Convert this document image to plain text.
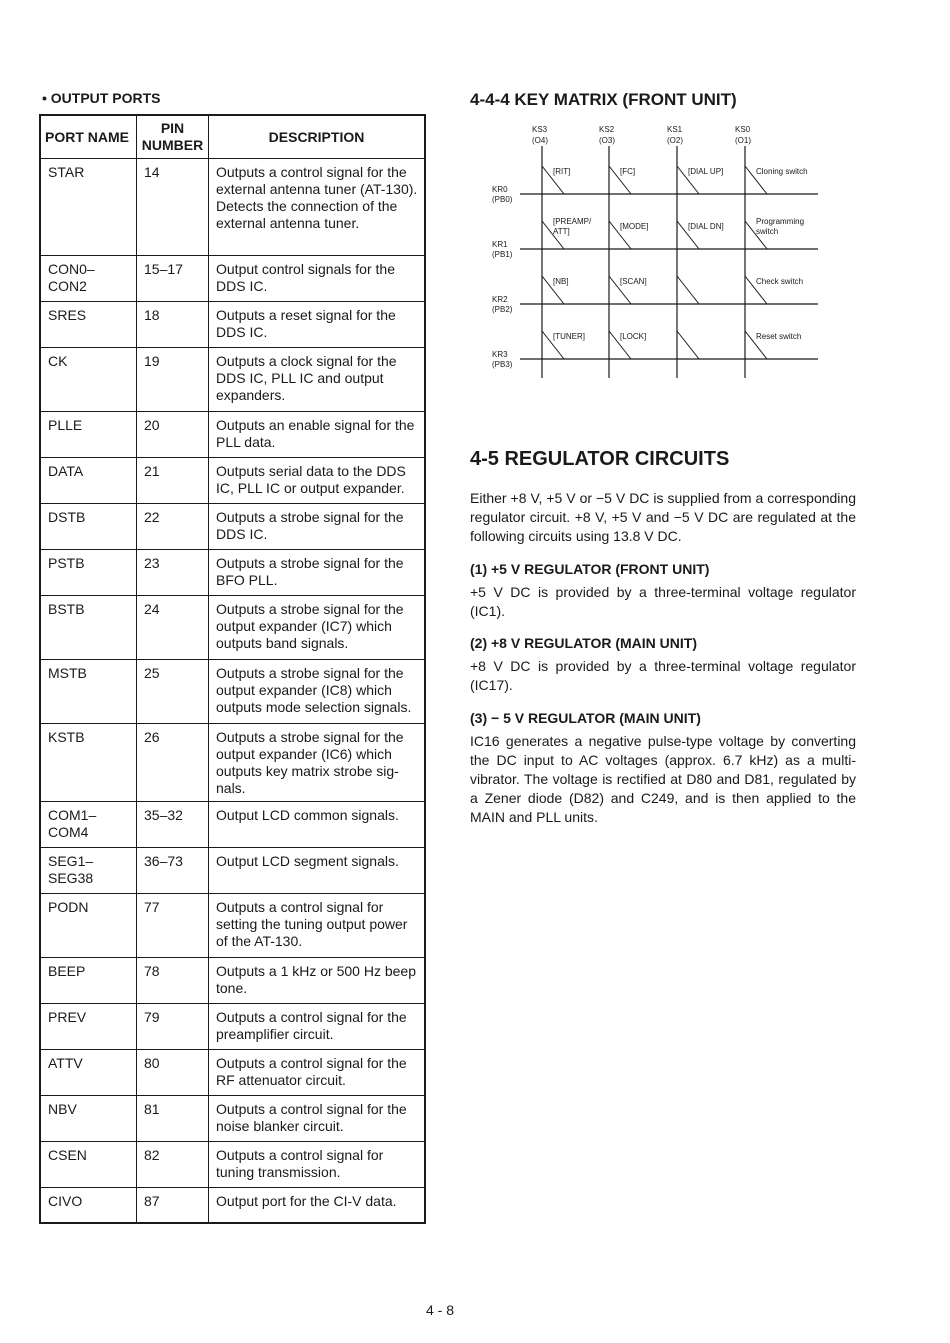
• OUTPUT PORTS
PORT NAME	PIN NUMBER	DESCRIPTION
STAR	14	Outputs a control signal for the external antenna tuner (AT-130). Detects the connection of the external antenna tuner.
CON0–
CON2	15–17	Output control signals for the DDS IC.
SRES	18	Outputs a reset signal for the DDS IC.
CK	19	Outputs a clock signal for the DDS IC, PLL IC and output expanders.
PLLE	20	Outputs an enable signal for the PLL data.
DATA	21	Outputs serial data to the DDS IC, PLL IC or output expander.
DSTB	22	Outputs a strobe signal for the DDS IC.
PSTB	23	Outputs a strobe signal for the BFO PLL.
BSTB	24	Outputs a strobe signal for the output expander (IC7) which outputs band signals.
MSTB	25	Outputs a strobe signal for the output expander (IC8) which outputs mode selection signals.
KSTB	26	Outputs a strobe signal for the output expander (IC6) which outputs key matrix strobe sig-nals.
COM1–
COM4	35–32	Output LCD common signals.
SEG1–
SEG38	36–73	Output LCD segment signals.
PODN	77	Outputs a control signal for setting the tuning output power of the AT-130.
BEEP	78	Outputs a 1 kHz or 500 Hz beep tone.
PREV	79	Outputs a control signal for the preamplifier circuit.
ATTV	80	Outputs a control signal for the RF attenuator circuit.
NBV	81	Outputs a control signal for the noise blanker circuit.
CSEN	82	Outputs a control signal for tuning transmission.
CIVO	87	Output port for the CI-V data.
4-4-4 KEY MATRIX (FRONT UNIT)
KS3
(O4)
KS2
(O3)
KS1
(O2)
KS0
(O1)
KR0
(PB0)
[RIT]	[FC]	[DIAL UP]	Cloning switch
KR1
(PB1)
[PREAMP/ ATT]
[MODE]	[DIAL DN]
Programming switch
KR2
(PB2)
[NB]	[SCAN]	Check switch
KR3
(PB3)
[TUNER]	[LOCK]	Reset switch
4-5 REGULATOR CIRCUITS

Either +8 V, +5 V or −5 V DC is supplied from a corresponding regulator circuit. +8 V, +5 V and −5 V DC are regulated at the following circuits using 13.8 V DC.

(1) +5 V REGULATOR (FRONT UNIT)

+5 V DC is provided by a three-terminal voltage regulator (IC1).

(2) +8 V REGULATOR (MAIN UNIT)

+8 V DC is provided by a three-terminal voltage regulator (IC17).

(3) − 5 V REGULATOR (MAIN UNIT)

IC16 generates a negative pulse-type voltage by converting the DC input to AC voltages (approx. 6.7 kHz) as a multi-vibrator. The voltage is rectified at D80 and D81, regulated by a Zener diode (D82) and C249, and is then applied to the MAIN and PLL units.

4 - 8
